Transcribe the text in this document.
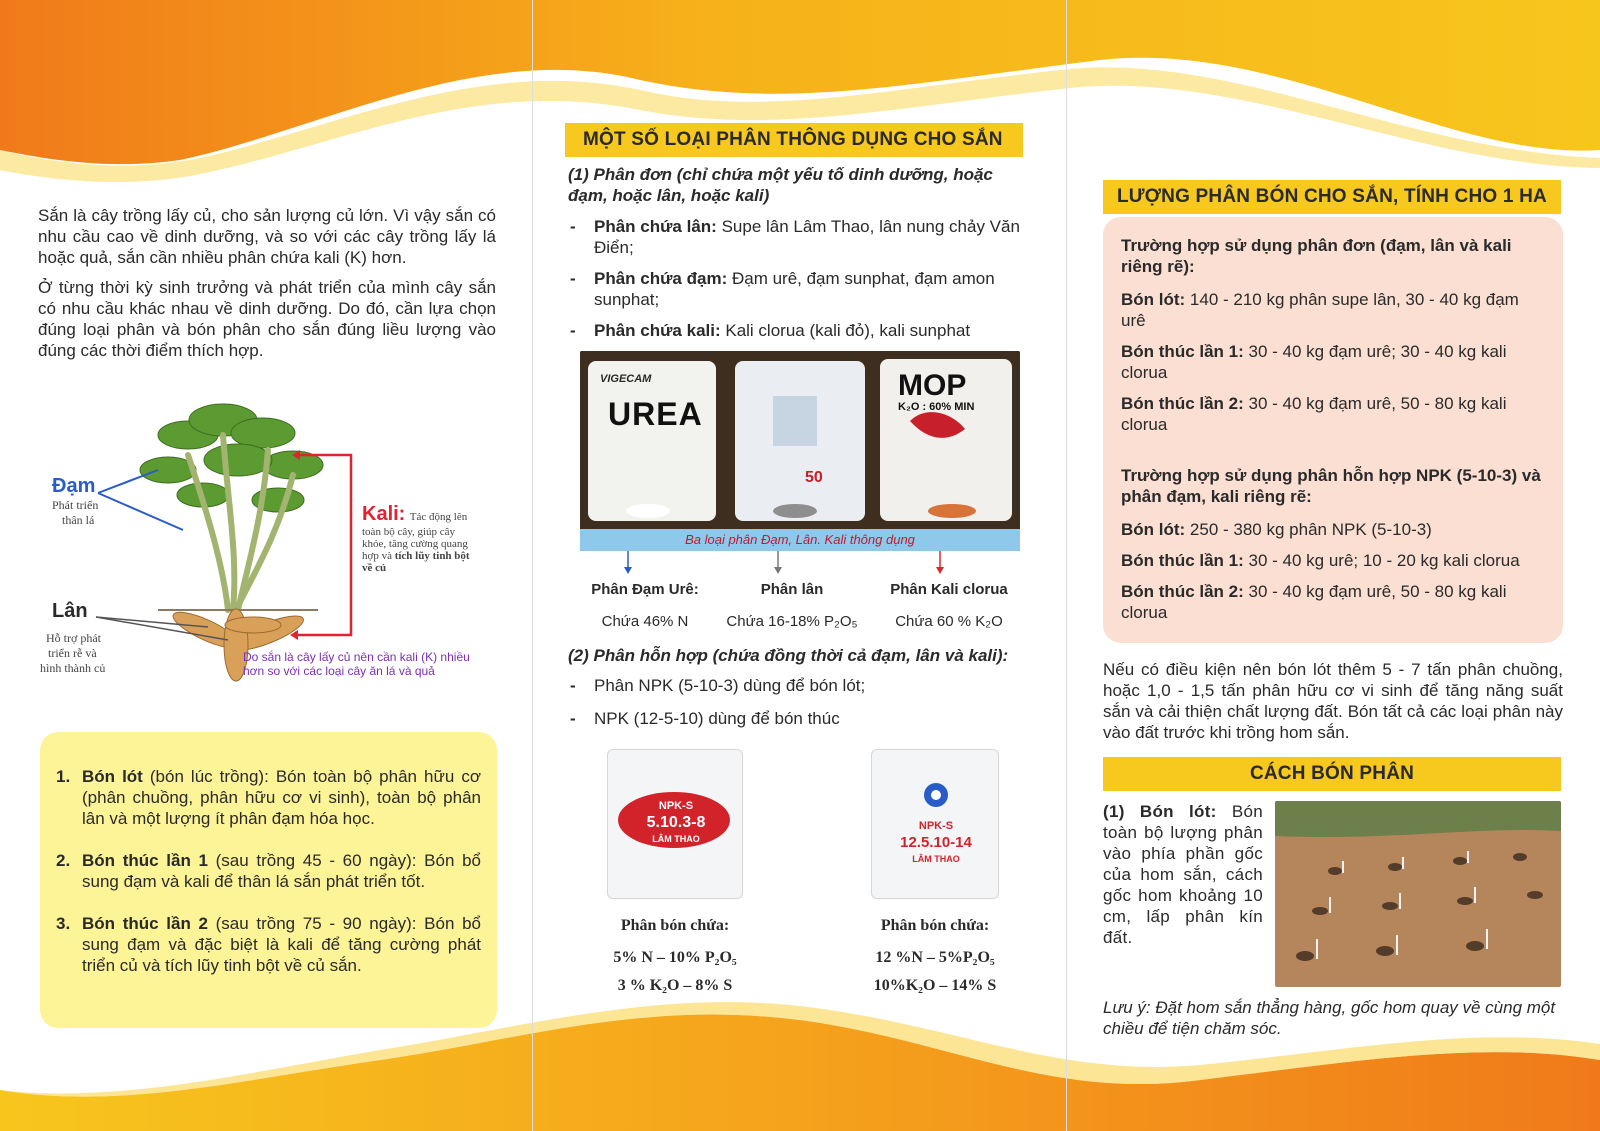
Sắn là cây trồng lấy củ, cho sản lượng củ lớn. Vì vậy sắn có nhu cầu cao về dinh dưỡng, và so với các cây trồng lấy lá hoặc quả, sắn cần nhiều phân chứa kali (K) hơn.

Ở từng thời kỳ sinh trưởng và phát triển của mình cây sắn có nhu cầu khác nhau về dinh dưỡng. Do đó, cần lựa chọn đúng loại phân và bón phân cho sắn đúng liều lượng vào đúng các thời điểm thích hợp.

Đạm
Phát triển
thân lá
Lân
Hỗ trợ phát
triển rễ và
hình thành củ
Kali: Tác động lên
toàn bộ cây, giúp cây
khỏe, tăng cường quang
hợp và tích lũy tinh bột
về củ
Do sắn là cây lấy củ nên cần kali (K) nhiều
hơn so với các loại cây ăn lá và quả
1. Bón lót (bón lúc trồng): Bón toàn bộ phân hữu cơ (phân chuồng, phân hữu cơ vi sinh), toàn bộ phân lân và một lượng ít phân đạm hóa học.
2. Bón thúc lần 1 (sau trồng 45 - 60 ngày): Bón bổ sung đạm và kali để thân lá sắn phát triển tốt.
3. Bón thúc lần 2 (sau trồng 75 - 90 ngày): Bón bổ sung đạm và đặc biệt là kali để tăng cường phát triển củ và tích lũy tinh bột về củ sắn.
MỘT SỐ LOẠI PHÂN THÔNG DỤNG CHO SẮN

(1) Phân đơn (chỉ chứa một yếu tố dinh dưỡng, hoặc đạm, hoặc lân, hoặc kali)

- Phân chứa lân: Supe lân Lâm Thao, lân nung chảy Văn Điển;
- Phân chứa đạm: Đạm urê, đạm sunphat, đạm amon sunphat;
- Phân chứa kali: Kali clorua (kali đỏ), kali sunphat
VIGECAM
UREA
MOP
K₂O : 60% MIN
50
Ba loại phân Đạm, Lân. Kali thông dụng
Phân Đạm Urê:
Chứa 46% N
Phân lân
Chứa 16-18% P₂O₅
Phân Kali clorua
Chứa 60 % K₂O

(2) Phân hỗn hợp (chứa đồng thời cả đạm, lân và kali):

- Phân NPK (5-10-3) dùng để bón lót;
- NPK (12-5-10) dùng để bón thúc
NPK-S
5.10.3-8
LÂM THAO
Phân bón chứa:
5% N – 10% P₂O₅
3 % K₂O – 8% S
NPK-S
12.5.10-14
LÂM THAO
Phân bón chứa:
12 %N – 5%P₂O₅
10%K₂O – 14% S
LƯỢNG PHÂN BÓN CHO SẮN, TÍNH CHO 1 HA

Trường hợp sử dụng phân đơn (đạm, lân và kali riêng rẽ):

Bón lót: 140 - 210 kg phân supe lân, 30 - 40 kg đạm urê

Bón thúc lần 1: 30 - 40 kg đạm urê; 30 - 40 kg kali clorua

Bón thúc lần 2: 30 - 40 kg đạm urê, 50 - 80 kg kali clorua

Trường hợp sử dụng phân hỗn hợp NPK (5-10-3) và phân đạm, kali riêng rẽ:

Bón lót: 250 - 380 kg phân NPK (5-10-3)

Bón thúc lần 1: 30 - 40 kg urê; 10 - 20 kg kali clorua

Bón thúc lần 2: 30 - 40 kg đạm urê, 50 - 80 kg kali clorua

Nếu có điều kiện nên bón lót thêm 5 - 7 tấn phân chuồng, hoặc 1,0 - 1,5 tấn phân hữu cơ vi sinh để tăng năng suất sắn và cải thiện chất lượng đất. Bón tất cả các loại phân này vào đất trước khi trồng hom sắn.

CÁCH BÓN PHÂN

(1) Bón lót: Bón toàn bộ lượng phân vào phía phần gốc của hom sắn, cách gốc hom khoảng 10 cm, lấp phân kín đất.

Lưu ý: Đặt hom sắn thẳng hàng, gốc hom quay về cùng một chiều để tiện chăm sóc.
